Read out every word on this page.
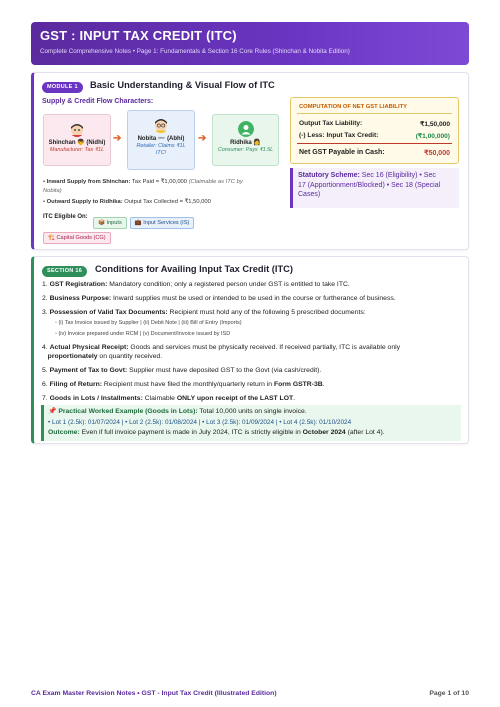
GST : INPUT TAX CREDIT (ITC)
Complete Comprehensive Notes • Page 1: Fundamentals & Section 16 Core Rules (Shinchan & Nobita Edition)
MODULE 1	Basic Understanding & Visual Flow of ITC
Supply & Credit Flow Characters:
Shinchan 👦 (Nidhi)
Manufacturer: Tax ₹1L
➔	Nobita 👓 (Abhi)
Retailer: Claims ₹1L
ITC!
➔	Ridhika 👩
Consumer: Pays ₹1.5L
• Inward Supply from Shinchan: Tax Paid = ₹1,00,000 (Claimable as ITC by
Nobita)
• Outward Supply to Ridhika: Output Tax Collected = ₹1,50,000
ITC Eligible On:
📦 Inputs 💼 Input Services (IS)
🏗️ Capital Goods (CG)
COMPUTATION OF NET GST LIABILITY
Output Tax Liability:	₹1,50,000
(-) Less: Input Tax Credit:	(₹1,00,000)
Net GST Payable in Cash:	₹50,000
Statutory Scheme: Sec 16 (Eligibility) • Sec
17 (Apportionment/Blocked) • Sec 18 (Special
Cases)
SECTION 16	Conditions for Availing Input Tax Credit (ITC)
1. GST Registration: Mandatory condition; only a registered person under GST is entitled to take ITC.
2. Business Purpose: Inward supplies must be used or intended to be used in the course or furtherance of business.
3. Possession of Valid Tax Documents: Recipient must hold any of the following 5 prescribed documents:
◦ (i) Tax Invoice issued by Supplier | (ii) Debit Note | (iii) Bill of Entry (Imports)
◦ (iv) Invoice prepared under RCM | (v) Document/Invoice issued by ISD
4. Actual Physical Receipt: Goods and services must be physically received. If received partially, ITC is available only
proportionately on quantity received.
5. Payment of Tax to Govt: Supplier must have deposited GST to the Govt (via cash/credit).
6. Filing of Return: Recipient must have filed the monthly/quarterly return in Form GSTR-3B.
7. Goods in Lots / Installments: Claimable ONLY upon receipt of the LAST LOT.
📌 Practical Worked Example (Goods in Lots): Total 10,000 units on single invoice.
• Lot 1 (2.5k): 01/07/2024 | • Lot 2 (2.5k): 01/08/2024 | • Lot 3 (2.5k): 01/09/2024 | • Lot 4 (2.5k): 01/10/2024
Outcome: Even if full invoice payment is made in July 2024, ITC is strictly eligible in October 2024 (after Lot 4).
CA Exam Master Revision Notes • GST - Input Tax Credit (Illustrated Edition)	Page 1 of 10
